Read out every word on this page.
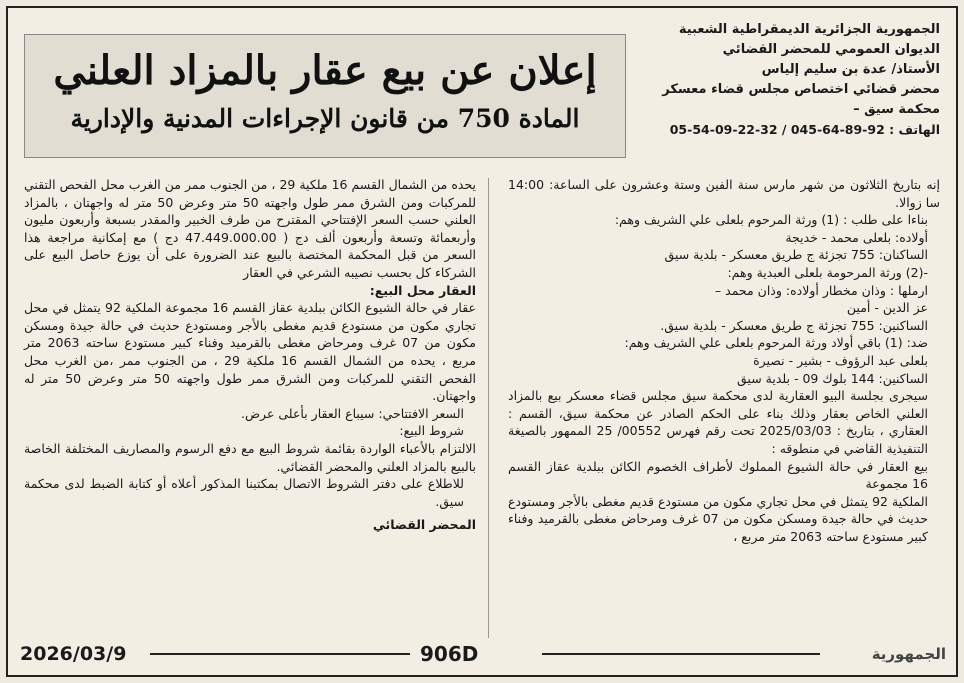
الجمهورية الجزائرية الديمقراطية الشعبية
الديوان العمومي للمحضر القضائي
الأستاذ/ عدة بن سليم إلياس
محضر قضائي اختصاص مجلس قضاء معسكر
محكمة سيق –
الهاتف : 92-89-64-045 / 32-22-09-54-05
إعلان عن بيع عقار بالمزاد العلني
المادة 750 من قانون الإجراءات المدنية والإدارية

إنه بتاريخ الثلاثون من شهر مارس سنة الفين وستة وعشرون على الساعة: 14:00 سا زوالا.

بناءا على طلب : (1) ورثة المرحوم بلعلى علي الشريف وهم:

أولاده: بلعلى محمد - خديجة

الساكنان: 755 تجزئة ج طريق معسكر - بلدية سيق

-(2) ورثة المرحومة بلعلى العبدية وهم:

ارملها : وذان مخطار أولاده: وذان محمد –

عز الدين - أمين

الساكنين: 755 تجزئة ج طريق معسكر - بلدية سيق.

ضد: (1) باقي أولاد ورثة المرحوم بلعلى علي الشريف وهم:

بلعلى عبد الرؤوف - بشير - نصيرة

الساكنين: 144 بلوك 09 - بلدية سيق

سيجرى بجلسة البيو العقارية لدى محكمة سيق مجلس قضاء معسكر بيع بالمزاد العلني الخاص بعقار وذلك بناء على الحكم الصادر عن محكمة سيق، القسم : العقاري ، بتاريخ : 2025/03/03 تحت رقم فهرس 00552/ 25 الممهور بالصيغة التنفيذية القاضي في منطوقه :

بيع العقار في حالة الشيوع المملوك لأطراف الخصوم الكائن ببلدية عقاز القسم 16 مجموعة

الملكية 92 يتمثل في محل تجاري مكون من مستودع قديم مغطى بالأجر ومستودع حديث في حالة جيدة ومسكن مكون من 07 غرف ومرحاض مغطى بالقرميد وفناء كبير مستودع ساحته 2063 متر مربع ،

يحده من الشمال القسم 16 ملكية 29 ، من الجنوب ممر من الغرب محل الفحص التقني للمركبات ومن الشرق ممر طول واجهته 50 متر وعرض 50 متر له واجهتان ، بالمزاد العلني حسب السعر الإفتتاحي المقترح من طرف الخبير والمقدر بسبعة وأربعون مليون وأربعمائة وتسعة وأربعون ألف دج ( 47.449.000.00 دج ) مع إمكانية مراجعة هذا السعر من قبل المحكمة المختصة بالبيع عند الضرورة على أن يوزع حاصل البيع على الشركاء كل بحسب نصيبه الشرعي في العقار

العقار محل البيع:

عقار في حالة الشيوع الكائن ببلدية عقاز القسم 16 مجموعة الملكية 92 يتمثل في محل تجاري مكون من مستودع قديم مغطى بالأجر ومستودع حديث في حالة جيدة ومسكن مكون من 07 غرف ومرحاض مغطى بالقرميد وفناء كبير مستودع ساحته 2063 متر مربع ، يحده من الشمال القسم 16 ملكية 29 ، من الجنوب ممر ،من الغرب محل الفحص التقني للمركبات ومن الشرق ممر طول واجهته 50 متر وعرض 50 متر له واجهتان.

السعر الافتتاحي: سيباع العقار بأعلى عرض.

شروط البيع:

الالتزام بالأعباء الواردة بقائمة شروط البيع مع دفع الرسوم والمصاريف المختلفة الخاصة بالبيع بالمزاد العلني والمحضر القضائي.

للاطلاع على دفتر الشروط الاتصال بمكتبنا المذكور أعلاه أو كتابة الضبط لدى محكمة سيق.

المحضر القضائي

2026/03/9	906D	الجمهورية
